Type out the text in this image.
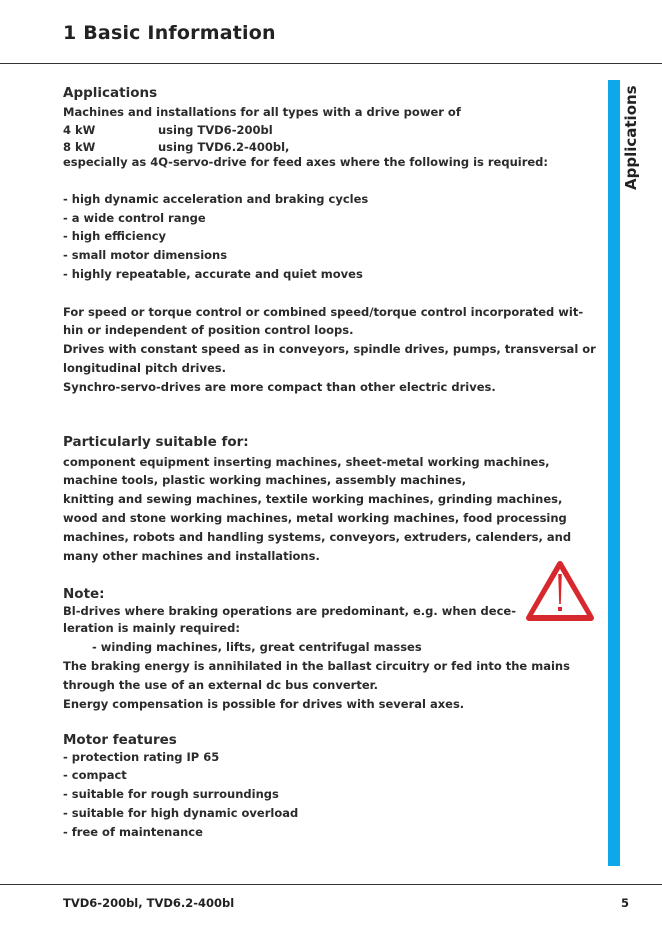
1 Basic Information
Applications
Applications

Machines and installations for all types with a drive power of

4 kW	using TVD6-200bl

8 kW	using TVD6.2-400bl,

especially as 4Q-servo-drive for feed axes where the following is required:

- high dynamic acceleration and braking cycles

- a wide control range

- high efficiency

- small motor dimensions

- highly repeatable, accurate and quiet moves

For speed or torque control or combined speed/torque control incorporated wit-

hin or independent of position control loops.

Drives with constant speed as in conveyors, spindle drives, pumps, transversal or

longitudinal pitch drives.

Synchro-servo-drives are more compact than other electric drives.

Particularly suitable for:

component equipment inserting machines, sheet-metal working machines,

machine tools, plastic working machines, assembly machines,

knitting and sewing machines, textile working machines, grinding machines,

wood and stone working machines, metal working machines, food processing

machines, robots and handling systems, conveyors, extruders, calenders, and

many other machines and installations.

Note:

Bl-drives where braking operations are predominant, e.g. when dece-

leration is mainly required:

- winding machines, lifts, great centrifugal masses

The braking energy is annihilated in the ballast circuitry or fed into the mains

through the use of an external dc bus converter.

Energy compensation is possible for drives with several axes.

Motor features

- protection rating IP 65

- compact

- suitable for rough surroundings

- suitable for high dynamic overload

- free of maintenance

TVD6-200bl, TVD6.2-400bl	5
